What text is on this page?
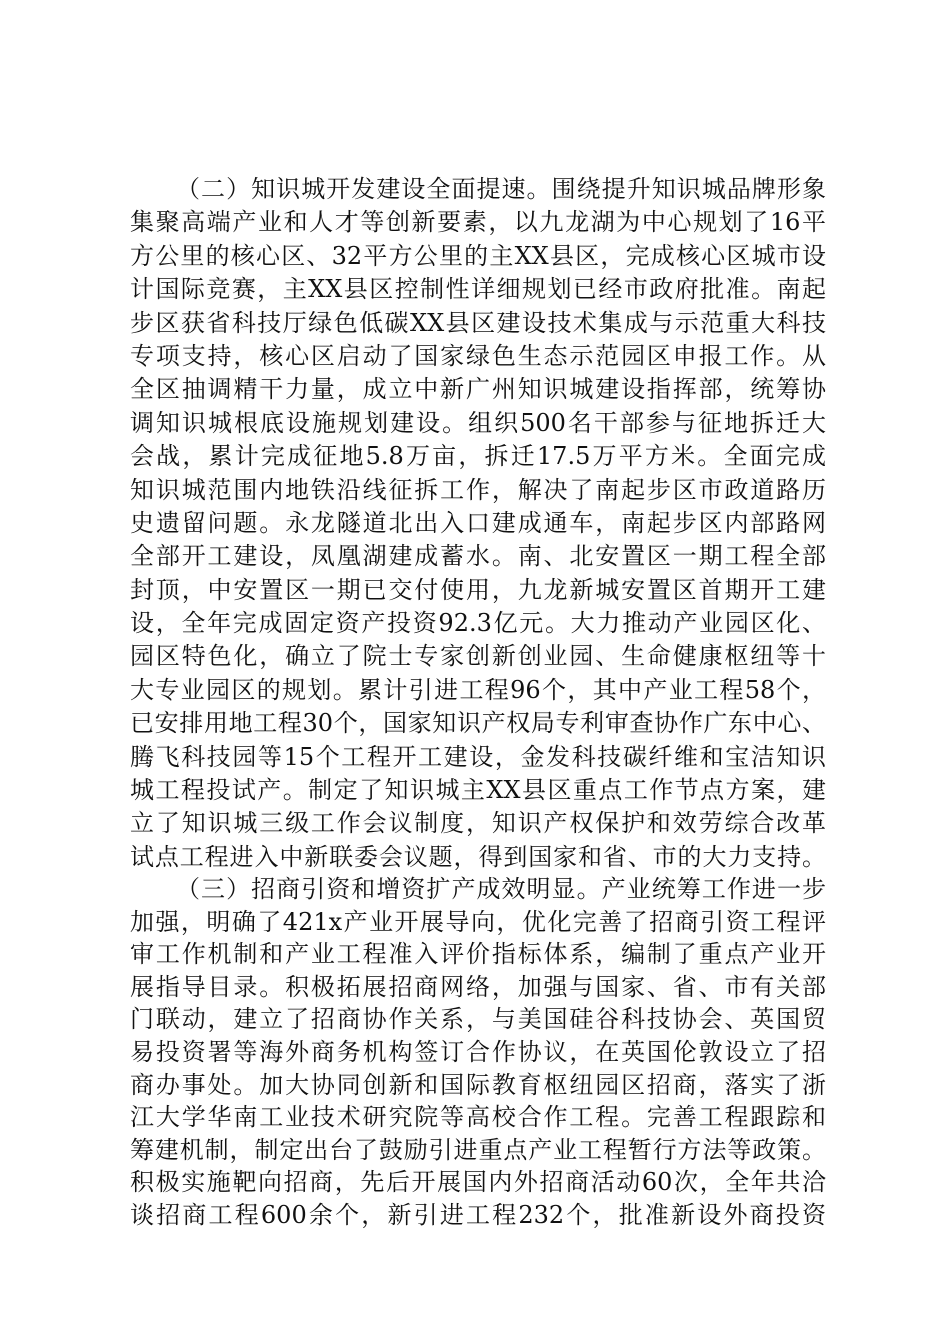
（二）知识城开发建设全面提速。围绕提升知识城品牌形象
集聚高端产业和人才等创新要素，以九龙湖为中心规划了16平
方公里的核心区、32平方公里的主XX县区，完成核心区城市设
计国际竞赛，主XX县区控制性详细规划已经市政府批准。南起
步区获省科技厅绿色低碳XX县区建设技术集成与示范重大科技
专项支持，核心区启动了国家绿色生态示范园区申报工作。从
全区抽调精干力量，成立中新广州知识城建设指挥部，统筹协
调知识城根底设施规划建设。组织500名干部参与征地拆迁大
会战，累计完成征地5.8万亩，拆迁17.5万平方米。全面完成
知识城范围内地铁沿线征拆工作，解决了南起步区市政道路历
史遗留问题。永龙隧道北出入口建成通车，南起步区内部路网
全部开工建设，凤凰湖建成蓄水。南、北安置区一期工程全部
封顶，中安置区一期已交付使用，九龙新城安置区首期开工建
设，全年完成固定资产投资92.3亿元。大力推动产业园区化、
园区特色化，确立了院士专家创新创业园、生命健康枢纽等十
大专业园区的规划。累计引进工程96个，其中产业工程58个，
已安排用地工程30个，国家知识产权局专利审查协作广东中心、
腾飞科技园等15个工程开工建设，金发科技碳纤维和宝洁知识
城工程投试产。制定了知识城主XX县区重点工作节点方案，建
立了知识城三级工作会议制度，知识产权保护和效劳综合改革
试点工程进入中新联委会议题，得到国家和省、市的大力支持。
（三）招商引资和增资扩产成效明显。产业统筹工作进一步
加强，明确了421x产业开展导向，优化完善了招商引资工程评
审工作机制和产业工程准入评价指标体系，编制了重点产业开
展指导目录。积极拓展招商网络，加强与国家、省、市有关部
门联动，建立了招商协作关系，与美国硅谷科技协会、英国贸
易投资署等海外商务机构签订合作协议，在英国伦敦设立了招
商办事处。加大协同创新和国际教育枢纽园区招商，落实了浙
江大学华南工业技术研究院等高校合作工程。完善工程跟踪和
筹建机制，制定出台了鼓励引进重点产业工程暂行方法等政策。
积极实施靶向招商，先后开展国内外招商活动60次，全年共洽
谈招商工程600余个，新引进工程232个，批准新设外商投资
